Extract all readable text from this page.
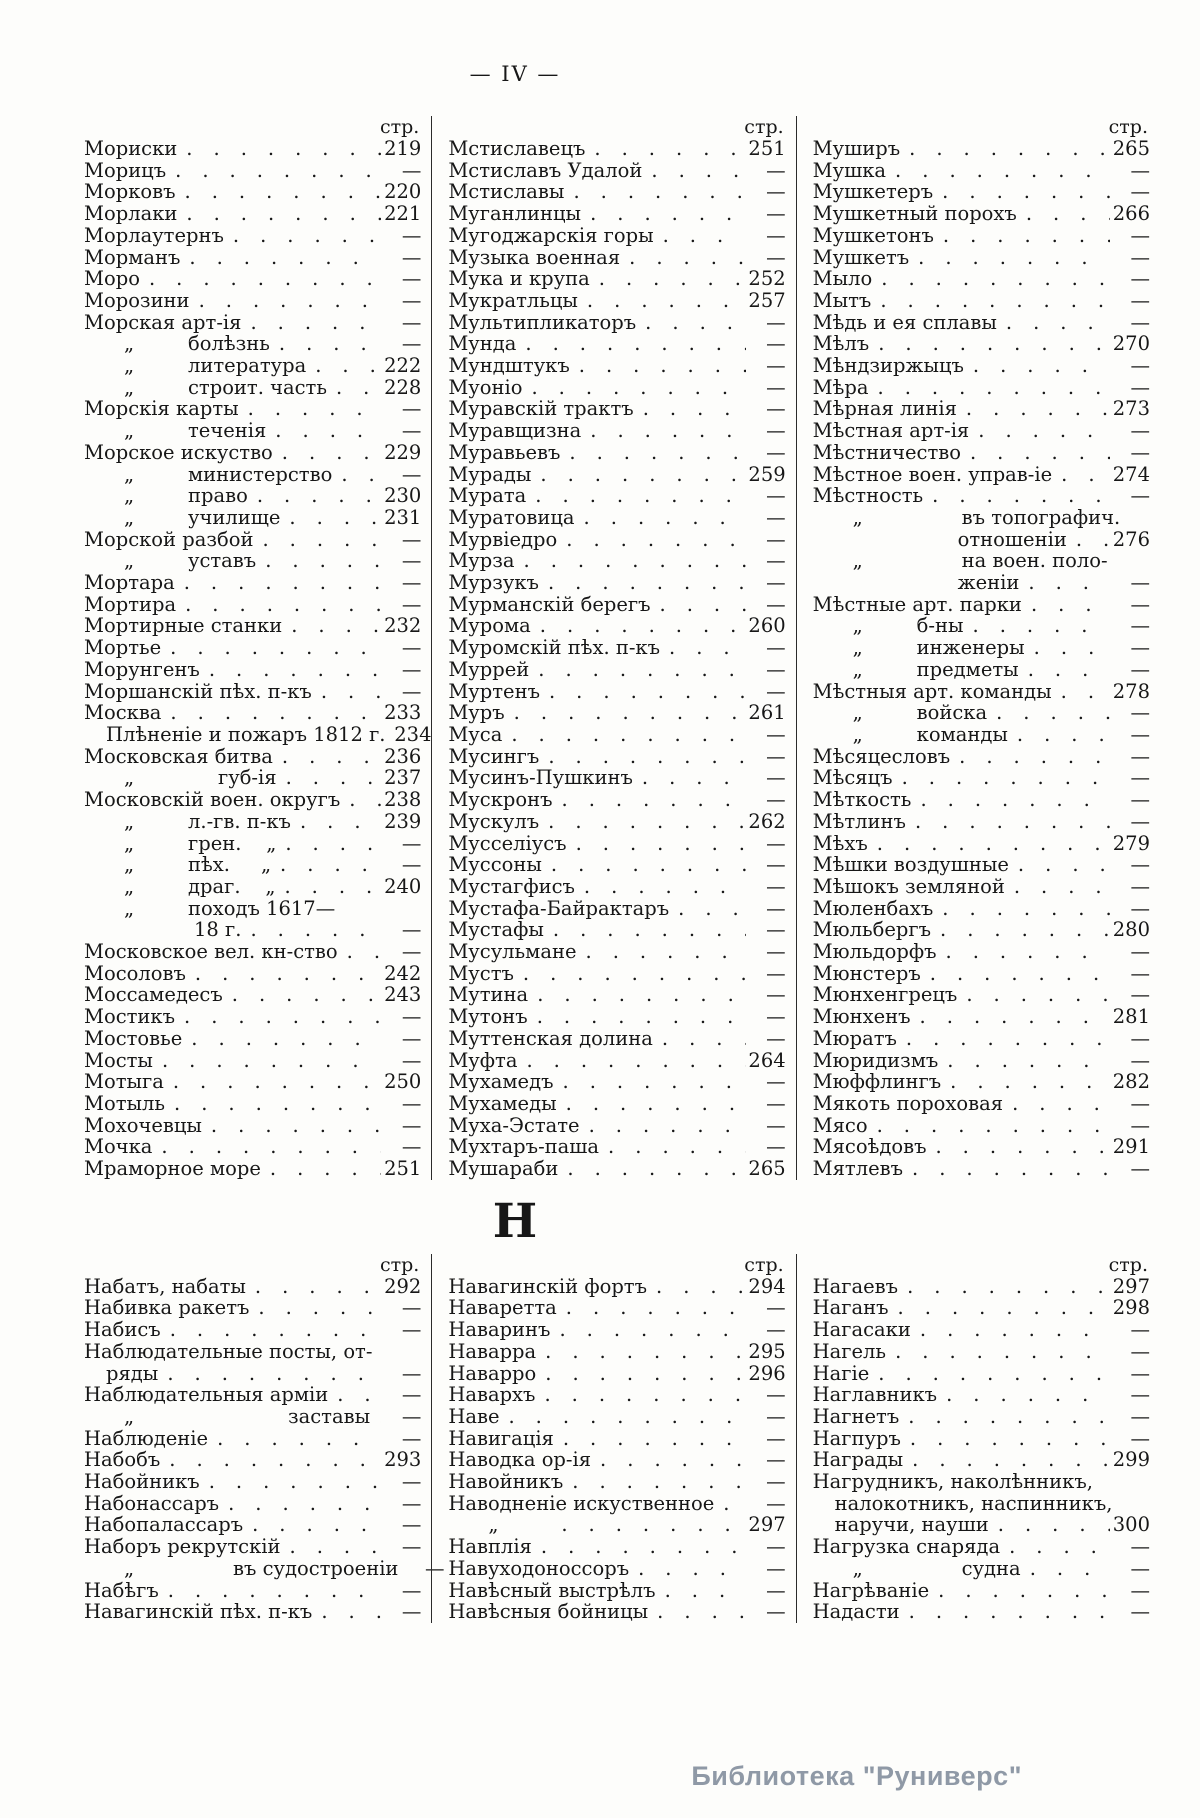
— IV —
стр.
Мориски .....	219
Морицъ .....	—
Морковъ .....	220
Морлаки .....	221
Морлаутернъ .....	—
Морманъ .....	—
Моро .....	—
Морозини .....	—
Морская арт-ія .....	—
„	болѣзнь .....	—
„	литература .....	222
„	строит. часть .....	228
Морскія карты .....	—
„	теченія .....	—
Морское искуство .....	229
„	министерство .....	—
„	право .....	230
„	училище .....	231
Морской разбой .....	—
„	уставъ .....	—
Мортара .....	—
Мортира .....	—
Мортирные станки .....	232
Мортье .....	—
Морунгенъ .....	—
Моршанскій пѣх. п-къ .....	—
Москва .....	233
Плѣненіе и пожаръ 1812 г. ..... 234
Московская битва .....	236
„	губ-ія .....	237
Московскій воен. округъ ..... 238
„	л.-гв. п-къ .....	239
„	грен.    „ .....	—
„	пѣх.     „ .....	—
„	драг.    „ .....	240
„	походъ 1617—
18 г. .....	—
Московское вел. кн-ство .....	—
Мосоловъ .....	242
Моссамедесъ .....	243
Мостикъ .....	—
Мостовье .....	—
Мосты .....	—
Мотыга .....	250
Мотыль .....	—
Мохочевцы .....	—
Мочка .....	—
Мраморное море .....	251
стр.
Мстиславецъ .....	251
Мстиславъ Удалой .....	—
Мстиславы .....	—
Муганлинцы .....	—
Мугоджарскія горы .....	—
Музыка военная .....	—
Мука и крупа .....	252
Мукратльцы .....	257
Мультипликаторъ .....	—
Мунда .....	—
Мундштукъ .....	—
Муоніо .....	—
Муравскій трактъ .....	—
Муравщизна .....	—
Муравьевъ .....	—
Мурады .....	259
Мурата .....	—
Муратовица .....	—
Мурвіедро .....	—
Мурза .....	—
Мурзукъ .....	—
Мурманскій берегъ .....	—
Мурома .....	260
Муромскій пѣх. п-къ .....	—
Муррей .....	—
Муртенъ .....	—
Муръ .....	261
Муса .....	—
Мусингъ .....	—
Мусинъ-Пушкинъ .....	—
Мускронъ .....	—
Мускулъ .....	262
Мусселіусъ .....	—
Муссоны .....	—
Мустагфисъ .....	—
Мустафа-Байрактаръ .....	—
Мустафы .....	—
Мусульмане .....	—
Мустъ .....	—
Мутина .....	—
Мутонъ .....	—
Муттенская долина .....	—
Муфта .....	264
Мухамедъ .....	—
Мухамеды .....	—
Муха-Эстате .....	—
Мухтаръ-паша .....	—
Мушараби .....	265
стр.
Муширъ .....	265
Мушка .....	—
Мушкетеръ .....	—
Мушкетный порохъ .....	266
Мушкетонъ .....	—
Мушкетъ .....	—
Мыло .....	—
Мытъ .....	—
Мѣдь и ея сплавы .....	—
Мѣлъ .....	270
Мѣндзиржыцъ .....	—
Мѣра .....	—
Мѣрная линія .....	273
Мѣстная арт-ія .....	—
Мѣстничество .....	—
Мѣстное воен. управ-іе .....	274
Мѣстность .....	—
„	въ топографич.
отношеніи ..... 276
„	на воен. поло-
женіи .....	—
Мѣстные арт. парки .....	—
„	б-ны .....	—
„	инженеры .....	—
„	предметы .....	—
Мѣстныя арт. команды .....	278
„	войска .....	—
„	команды .....	—
Мѣсяцесловъ .....	—
Мѣсяцъ .....	—
Мѣткость .....	—
Мѣтлинъ .....	—
Мѣхъ .....	279
Мѣшки воздушные .....	—
Мѣшокъ земляной .....	—
Мюленбахъ .....	—
Мюльбергъ .....	280
Мюльдорфъ .....	—
Мюнстеръ .....	—
Мюнхенгрецъ .....	—
Мюнхенъ .....	281
Мюратъ .....	—
Мюридизмъ .....	—
Мюффлингъ .....	282
Мякоть пороховая .....	—
Мясо .....	—
Мясоѣдовъ .....	291
Мятлевъ .....	—
Н
стр.
Набатъ, набаты .....	292
Набивка ракетъ .....	—
Набисъ .....	—
Наблюдательные посты, от-
ряды .....	—
Наблюдательныя арміи .....	—
„	заставы .....	—
Наблюденіе .....	—
Набобъ .....	293
Набойникъ .....	—
Набонассаръ .....	—
Набопалассаръ .....	—
Наборъ рекрутскій .....	—
„	въ судостроеніи .....	—
Набѣгъ .....	—
Навагинскій пѣх. п-къ .....	—
стр.
Навагинскій фортъ .....	294
Наваретта .....	—
Наваринъ .....	—
Наварра .....	295
Наварро .....	296
Навархъ .....	—
Наве .....	—
Навигація .....	—
Наводка ор-ія .....	—
Навойникъ .....	—
Наводненіе искуственное .....	—
„ .....	297
Навплія .....	—
Навуходоноссоръ .....	—
Навѣсный выстрѣлъ .....	—
Навѣсныя бойницы .....	—
стр.
Нагаевъ .....	297
Наганъ .....	298
Нагасаки .....	—
Нагель .....	—
Нагіе .....	—
Наглавникъ .....	—
Нагнетъ .....	—
Нагпуръ .....	—
Награды .....	299
Нагрудникъ, наколѣнникъ,
налокотникъ, наспинникъ,
наручи, науши .....	300
Нагрузка снаряда .....	—
„	судна .....	—
Нагрѣваніе .....	—
Надасти .....	—
Библиотека "Руниверс"
